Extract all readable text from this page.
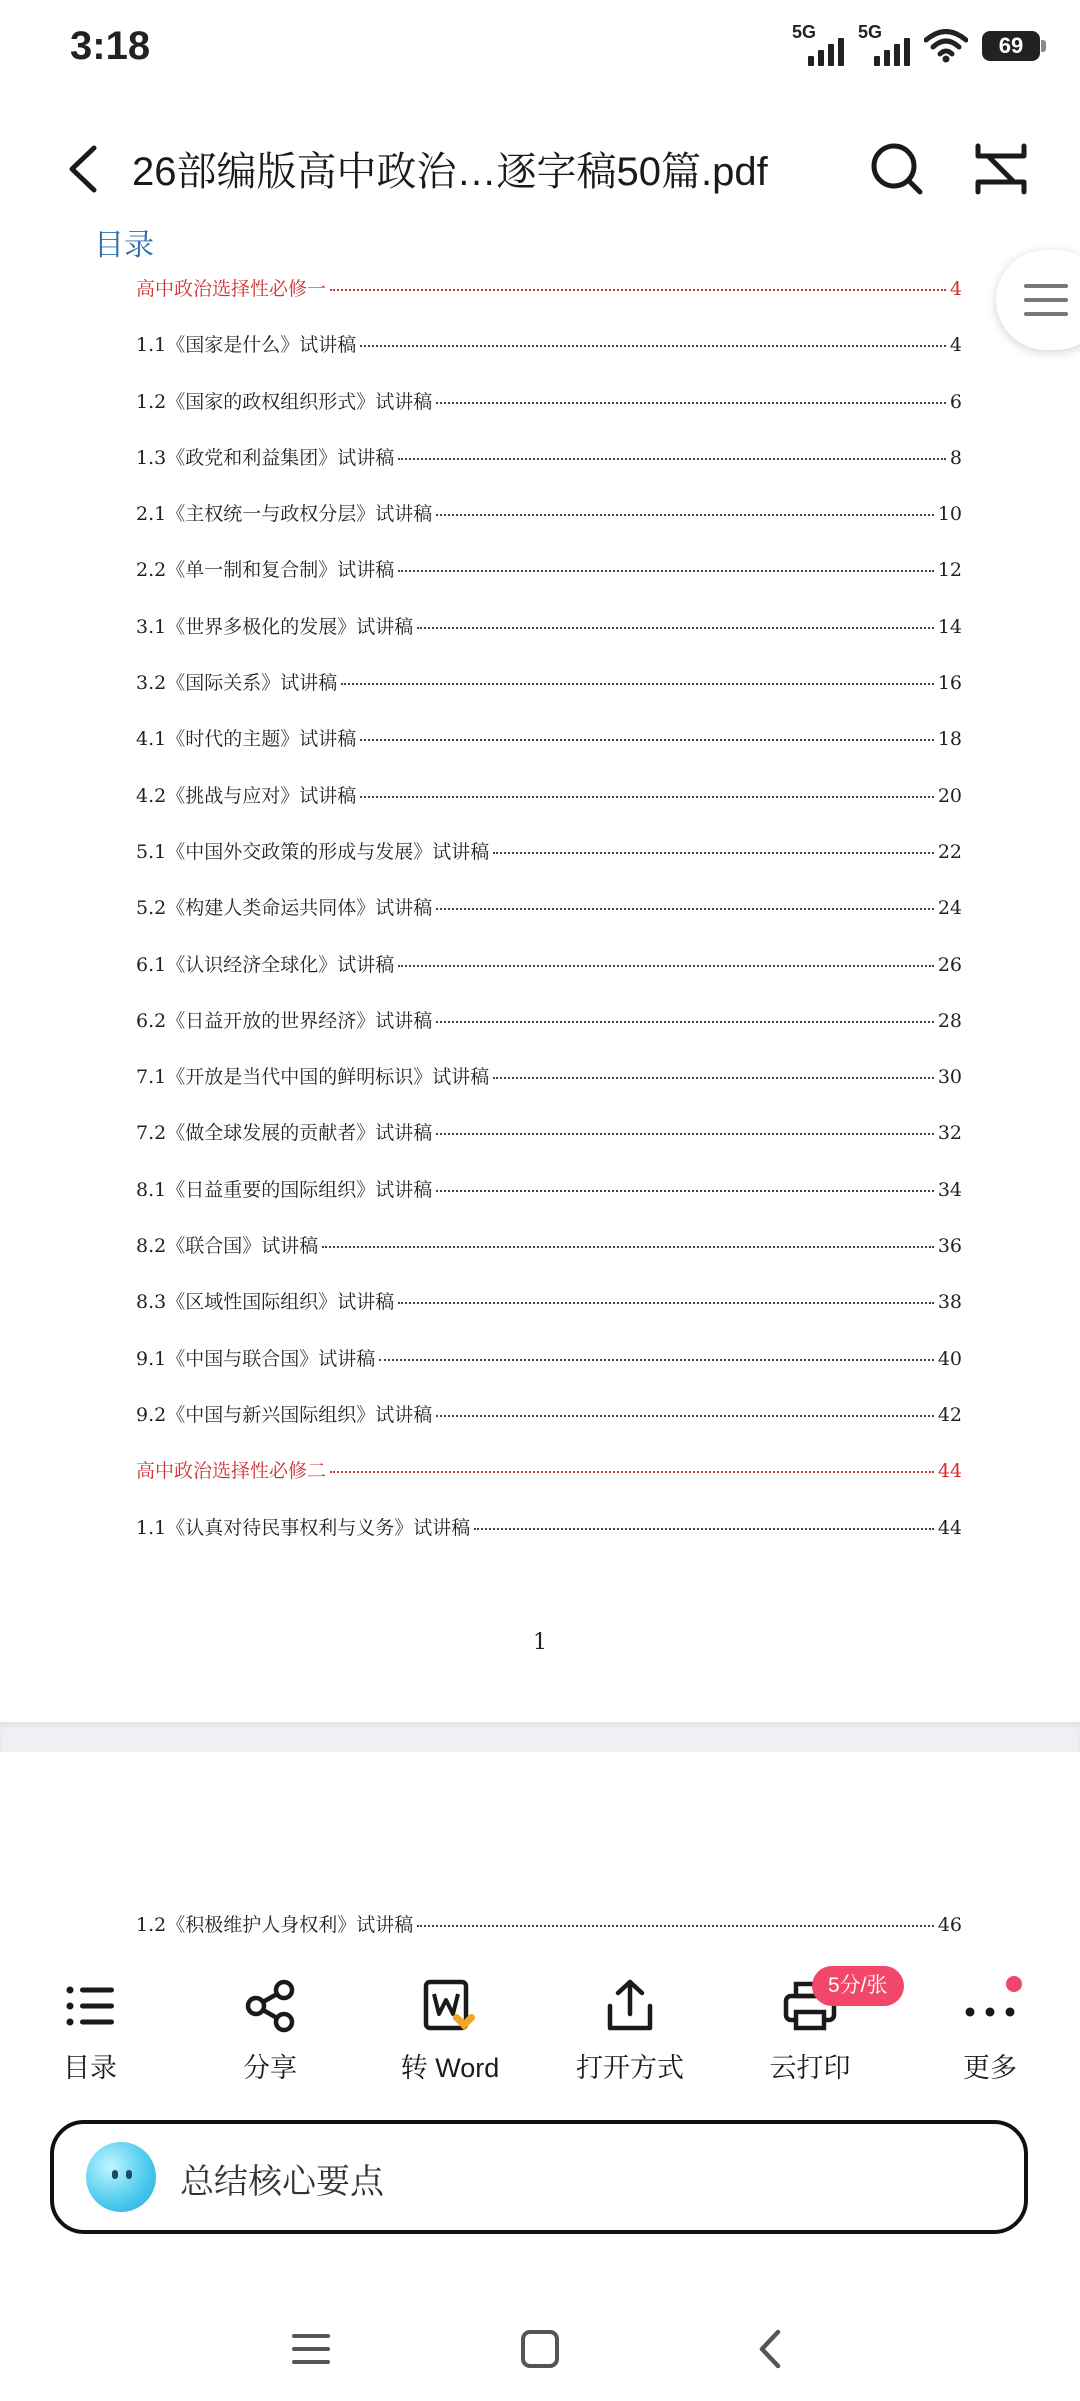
3:18	5G 5G
69
26部编版高中政治…逐字稿50篇.pdf
目录
高中政治选择性必修一	4
1.1《国家是什么》试讲稿	4
1.2《国家的政权组织形式》试讲稿	6
1.3《政党和利益集团》试讲稿	8
2.1《主权统一与政权分层》试讲稿	10
2.2《单一制和复合制》试讲稿	12
3.1《世界多极化的发展》试讲稿	14
3.2《国际关系》试讲稿	16
4.1《时代的主题》试讲稿	18
4.2《挑战与应对》试讲稿	20
5.1《中国外交政策的形成与发展》试讲稿	22
5.2《构建人类命运共同体》试讲稿	24
6.1《认识经济全球化》试讲稿	26
6.2《日益开放的世界经济》试讲稿	28
7.1《开放是当代中国的鲜明标识》试讲稿	30
7.2《做全球发展的贡献者》试讲稿	32
8.1《日益重要的国际组织》试讲稿	34
8.2《联合国》试讲稿	36
8.3《区域性国际组织》试讲稿	38
9.1《中国与联合国》试讲稿	40
9.2《中国与新兴国际组织》试讲稿	42
高中政治选择性必修二	44
1.1《认真对待民事权利与义务》试讲稿	44
1
1.2《积极维护人身权利》试讲稿	46
目录	分享	转 Word	打开方式	云打印	更多
5分/张
总结核心要点
